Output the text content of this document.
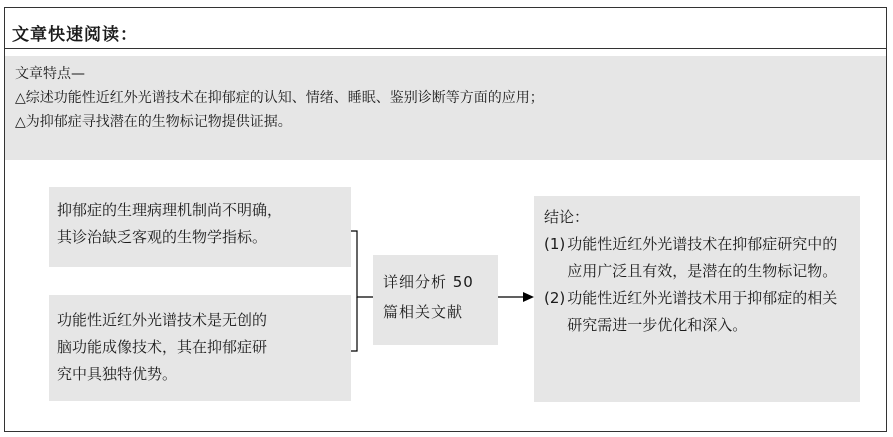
文章快速阅读：
文章特点—
△综述功能性近红外光谱技术在抑郁症的认知、情绪、睡眠、鉴别诊断等方面的应用；
△为抑郁症寻找潜在的生物标记物提供证据。
抑郁症的生理病理机制尚不明确，
其诊治缺乏客观的生物学指标。
功能性近红外光谱技术是无创的
脑功能成像技术，其在抑郁症研
究中具独特优势。
详细分析 50
篇相关文献
结论：
(1) 功能性近红外光谱技术在抑郁症研究中的应用广泛且有效，是潜在的生物标记物。
(2) 功能性近红外光谱技术用于抑郁症的相关研究需进一步优化和深入。
